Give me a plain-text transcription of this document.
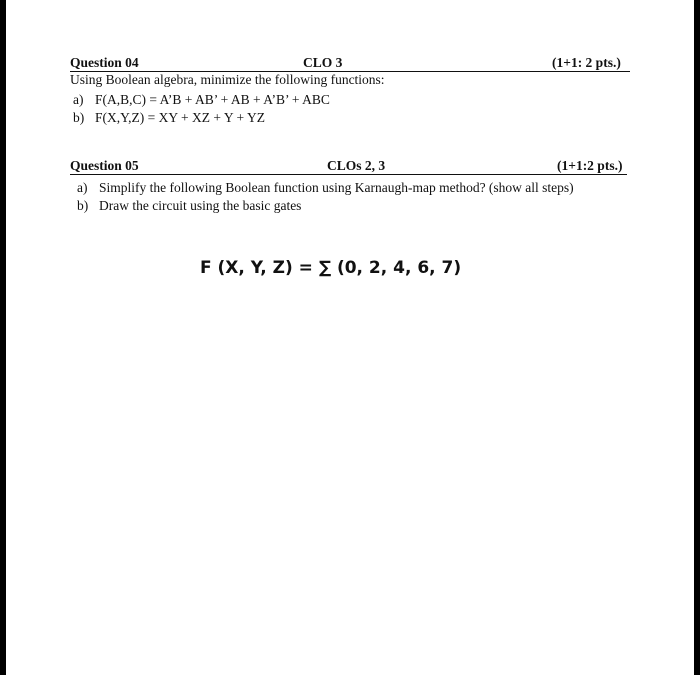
Question 04	CLO 3	(1+1: 2 pts.)
Using Boolean algebra, minimize the following functions:
a) F(A,B,C) = A’B + AB’ + AB + A’B’ + ABC
b) F(X,Y,Z) = XY + XZ + Y + YZ
Question 05	CLOs 2, 3	(1+1:2 pts.)
a) Simplify the following Boolean function using Karnaugh-map method? (show all steps)
b) Draw the circuit using the basic gates
F (X, Y, Z) = ∑ (0, 2, 4, 6, 7)
